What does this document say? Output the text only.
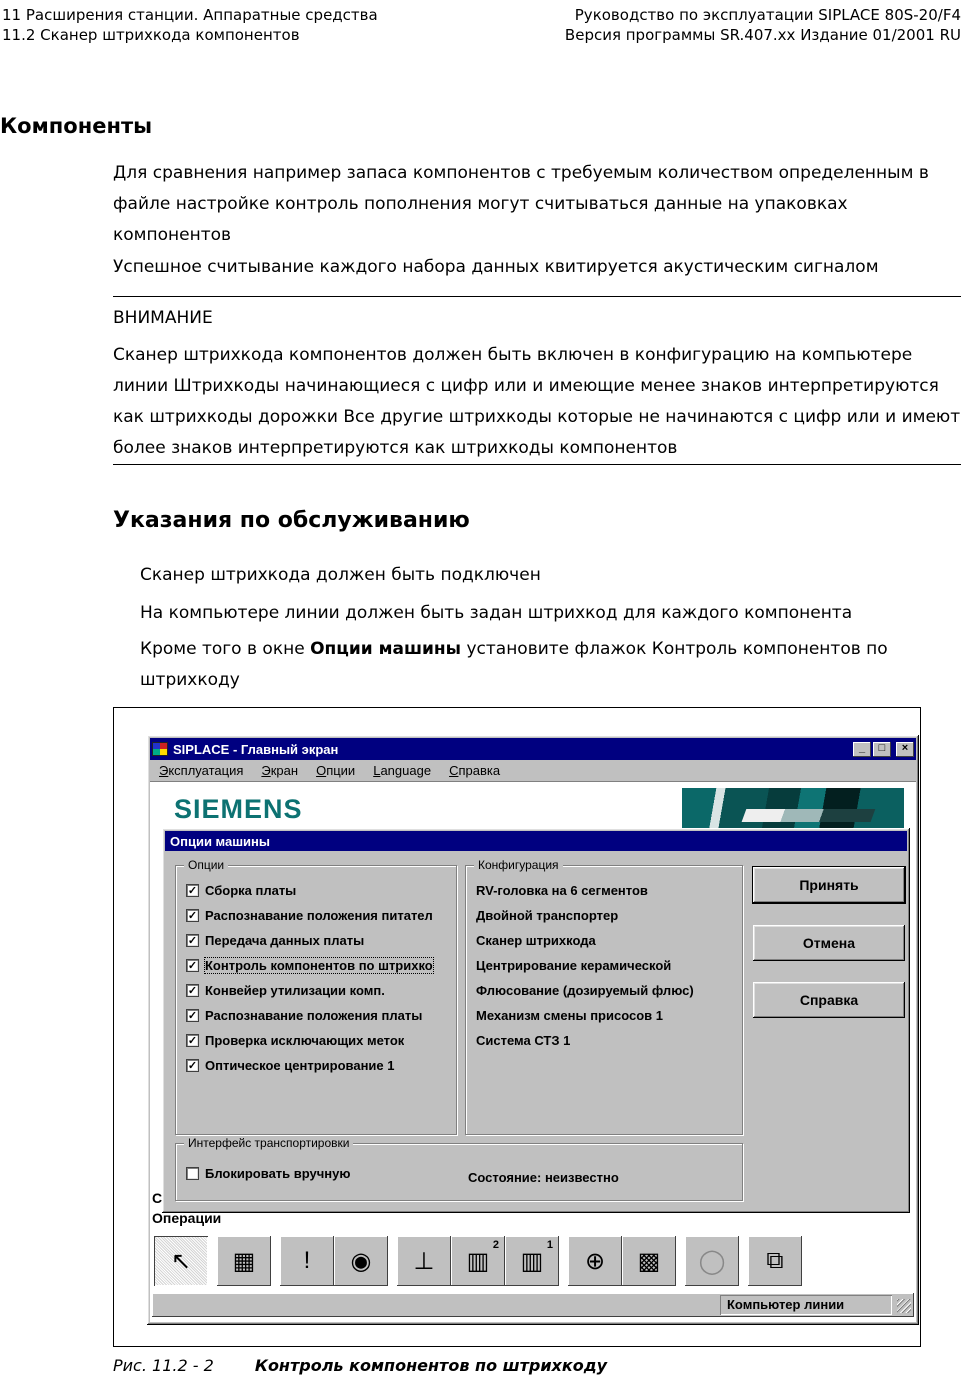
11 Расширения станции. Аппаратные средства
11.2 Сканер штрихкода компонентов
Руководство по эксплуатации SIPLACE 80S-20/F4
Версия программы SR.407.xx Издание 01/2001 RU
Компоненты
Для сравнения например запаса компонентов с требуемым количеством определенным в файле настройке контроль пополнения могут считываться данные на упаковках компонентов
Успешное считывание каждого набора данных квитируется акустическим сигналом
ВНИМАНИЕ
Сканер штрихкода компонентов должен быть включен в конфигурацию на компьютере линии Штрихкоды начинающиеся с цифр или и имеющие менее знаков интерпретируются как штрихкоды дорожки Все другие штрихкоды которые не начинаются с цифр или и имеют более знаков интерпретируются как штрихкоды компонентов
Указания по обслуживанию
Сканер штрихкода должен быть подключен
На компьютере линии должен быть задан штрихкод для каждого компонента
Кроме того в окне Опции машины установите флажок Контроль компонентов по штрихкоду
SIPLACE - Главный экран	_	□	×
Эксплуатация	Экран	Опции	Language	Справка
SIEMENS
С
Операции
Опции машины
Опции
✓ Сборка платы
✓ Распознавание положения питател
✓ Передача данных платы
✓ Контроль компонентов по штрихко
✓ Конвейер утилизации комп.
✓ Распознавание положения платы
✓ Проверка исключающих меток
✓ Оптическое центрирование 1
Конфигурация
RV-головка на 6 сегментов
Двойной транспортер
Сканер штрихкода
Центрирование керамической
Флюсование (дозируемый флюс)
Механизм смены присосов 1
Система СТЗ 1
Принять
Отмена
Справка
Интерфейс транспортировки
Блокировать вручную	Состояние: неизвестно
↖ ▦ ! ◉ ⊥ ▥
2
▥
1
⊕ ▩ ◯ ⧉
Компьютер линии
Рис. 11.2 - 2	Контроль компонентов по штрихкоду
